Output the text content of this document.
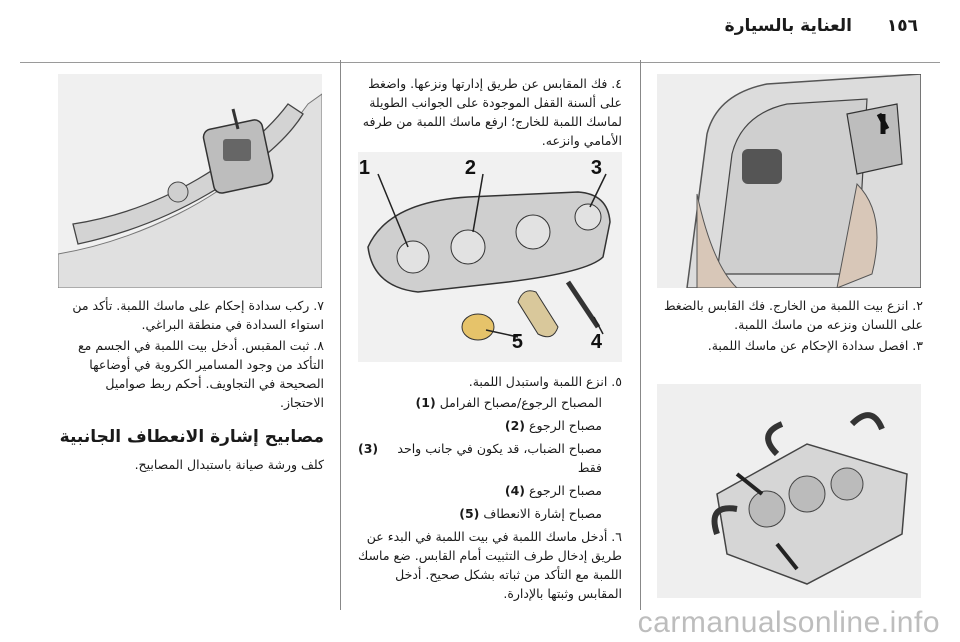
١٥٦
العناية بالسيارة

٢. انزع بيت اللمبة من الخارج. فك القابس بالضغط على اللسان ونزعه من ماسك اللمبة.

٣. افصل سدادة الإحكام عن ماسك اللمبة.

٤. فك المقابس عن طريق إدارتها ونزعها. واضغط على ألسنة القفل الموجودة على الجوانب الطويلة لماسك اللمبة للخارج؛ ارفع ماسك اللمبة من طرفه الأمامي وانزعه.

1	2	3
4
5

٥. انزع اللمبة واستبدل اللمبة.

المصباح الرجوع/مصباح الفرامل
(1)
مصباح الرجوع
(2)
مصباح الضباب، قد يكون في جانب واحد فقط
(3)
مصباح الرجوع
(4)
مصباح إشارة الانعطاف
(5)

٦. أدخل ماسك اللمبة في بيت اللمبة في البدء عن طريق إدخال طرف التثبيت أمام القابس. ضع ماسك اللمبة مع التأكد من ثباته بشكل صحيح. أدخل المقابس وثبتها بالإدارة.

٧. ركب سدادة إحكام على ماسك اللمبة. تأكد من استواء السدادة في منطقة البراغي.

٨. ثبت المقبس. أدخل بيت اللمبة في الجسم مع التأكد من وجود المسامير الكروية في أوضاعها الصحيحة في التجاويف. أحكم ربط صواميل الاحتجاز.

مصابيح إشارة الانعطاف الجانبية

كلف ورشة صيانة باستبدال المصابيح.

carmanualsonline.info
